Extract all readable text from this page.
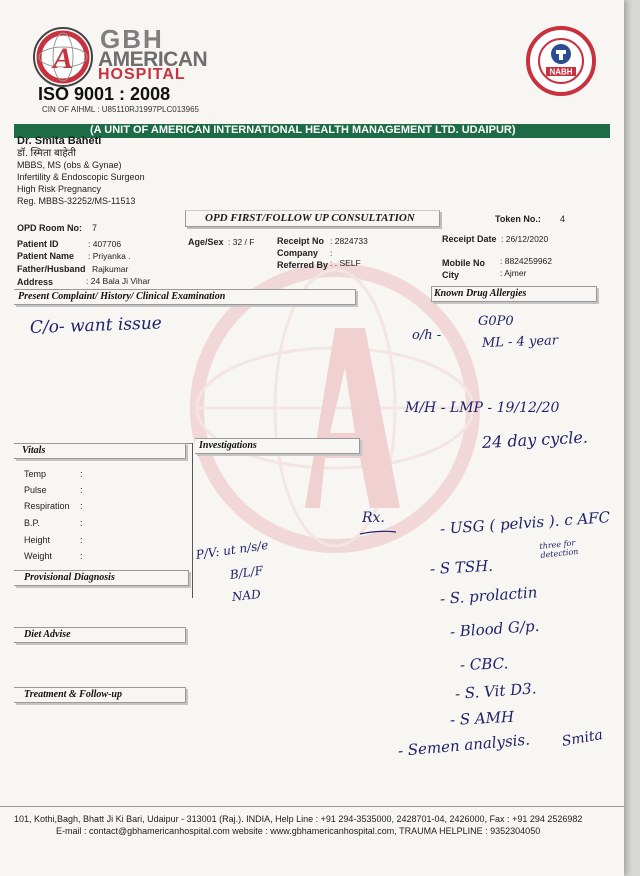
A
GBH
AMERICAN
HOSPITAL
ISO 9001 : 2008
CIN OF AIHML : U85110RJ1997PLC013965
NABH
(A UNIT OF AMERICAN INTERNATIONAL HEALTH MANAGEMENT LTD. UDAIPUR)
Dr. Smita Baheti
डॉ. स्मिता बाहेती
MBBS, MS (obs & Gynae)
Infertility & Endoscopic Surgeon
High Risk Pregnancy
Reg. MBBS-32252/MS-11513
OPD FIRST/FOLLOW UP CONSULTATION
OPD Room No: 7
Token No.: 4
Patient ID	: 407706
Patient Name : Priyanka .
Father/Husband Rajkumar
Address	: 24 Bala Ji Vihar
Age/Sex : 32 / F	Receipt No : 2824733
Company :
Referred By : . SELF
Receipt Date : 26/12/2020
Mobile No : 8824259962
City	: Ajmer
Present Complaint/ History/ Clinical Examination	Known Drug Allergies
Vitals	Investigations
Temp	:
Pulse	:
Respiration :
B.P.	:
Height	:
Weight	:
Provisional Diagnosis
Diet Advise
Treatment & Follow-up
C/o- want issue	o/h -
G0P0
ML - 4 year
M/H - LMP - 19/12/20
24 day cycle.
P/V: ut n/s/e
B/L/F
NAD
Rx.	- USG ( pelvis ). c AFC
three for detection
- S TSH.
- S. prolactin
- Blood G/p.
- CBC.
- S. Vit D3.
- S AMH
- Semen analysis. Smita
101, Kothi,Bagh, Bhatt Ji Ki Bari, Udaipur - 313001 (Raj.). INDIA, Help Line : +91 294-3535000, 2428701-04, 2426000, Fax : +91 294 2526982
E-mail : contact@gbhamericanhospital.com website : www.gbhamericanhospital.com, TRAUMA HELPLINE : 9352304050
